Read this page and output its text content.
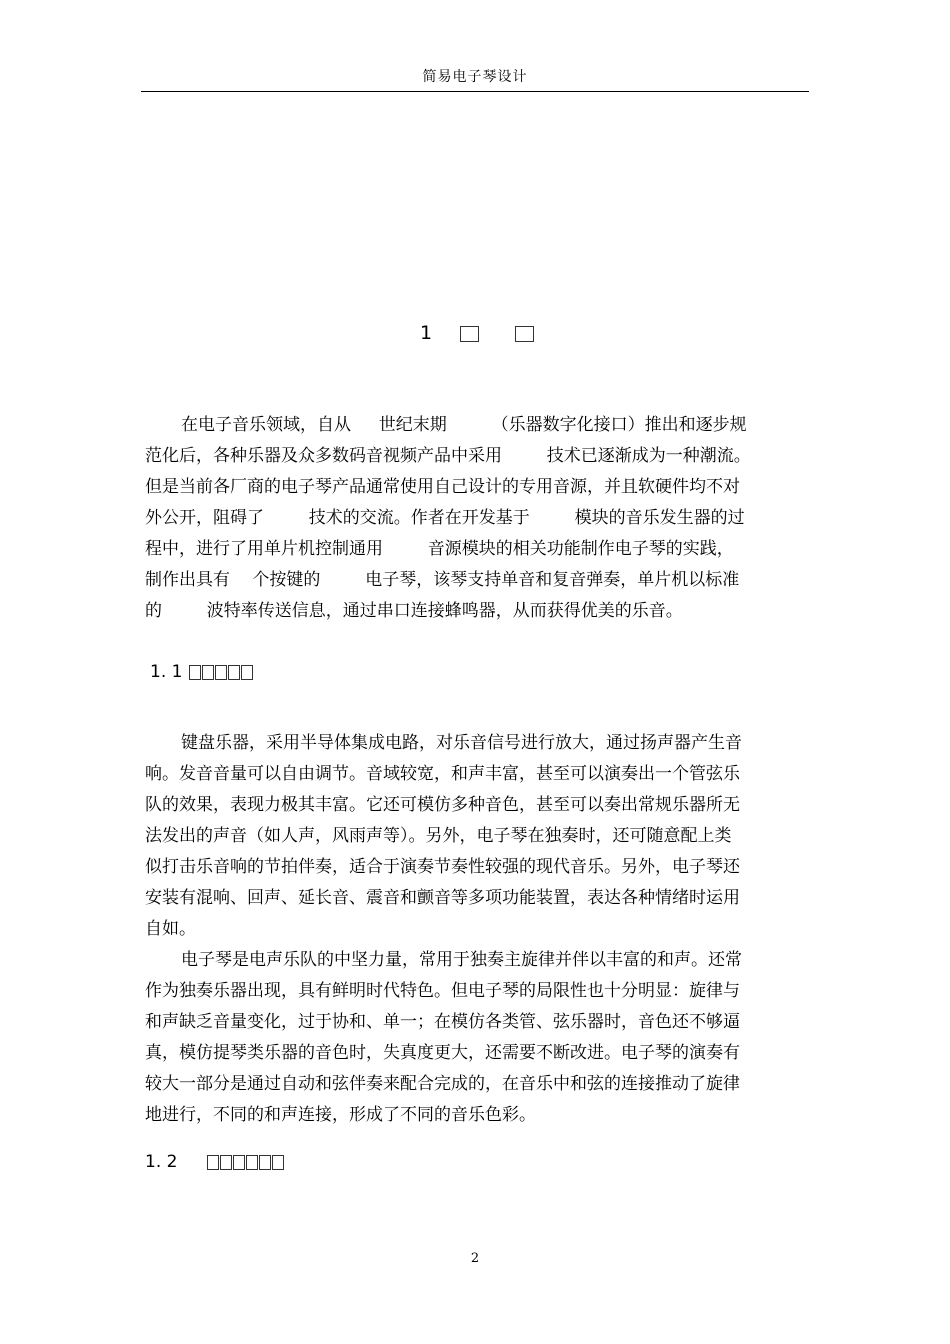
简易电子琴设计
1
在电子音乐领域，自从 　 世纪末期 　　 （乐器数字化接口）推出和逐步规
范化后，各种乐器及众多数码音视频产品中采用 　　 技术已逐渐成为一种潮流。
但是当前各厂商的电子琴产品通常使用自己设计的专用音源，并且软硬件均不对
外公开，阻碍了 　　 技术的交流。作者在开发基于 　　 模块的音乐发生器的过
程中，进行了用单片机控制通用 　　 音源模块的相关功能制作电子琴的实践，
制作出具有 　个按键的 　　 电子琴，该琴支持单音和复音弹奏，单片机以标准
的 　　 波特率传送信息，通过串口连接蜂鸣器，从而获得优美的乐音。
1. 1
键盘乐器，采用半导体集成电路，对乐音信号进行放大，通过扬声器产生音
响。发音音量可以自由调节。音域较宽，和声丰富，甚至可以演奏出一个管弦乐
队的效果，表现力极其丰富。它还可模仿多种音色，甚至可以奏出常规乐器所无
法发出的声音（如人声，风雨声等）。另外，电子琴在独奏时，还可随意配上类
似打击乐音响的节拍伴奏，适合于演奏节奏性较强的现代音乐。另外，电子琴还
安装有混响、回声、延长音、震音和颤音等多项功能装置，表达各种情绪时运用
自如。
电子琴是电声乐队的中坚力量，常用于独奏主旋律并伴以丰富的和声。还常
作为独奏乐器出现，具有鲜明时代特色。但电子琴的局限性也十分明显：旋律与
和声缺乏音量变化，过于协和、单一；在模仿各类管、弦乐器时，音色还不够逼
真，模仿提琴类乐器的音色时，失真度更大，还需要不断改进。电子琴的演奏有
较大一部分是通过自动和弦伴奏来配合完成的，在音乐中和弦的连接推动了旋律
地进行，不同的和声连接，形成了不同的音乐色彩。
1. 2
2
